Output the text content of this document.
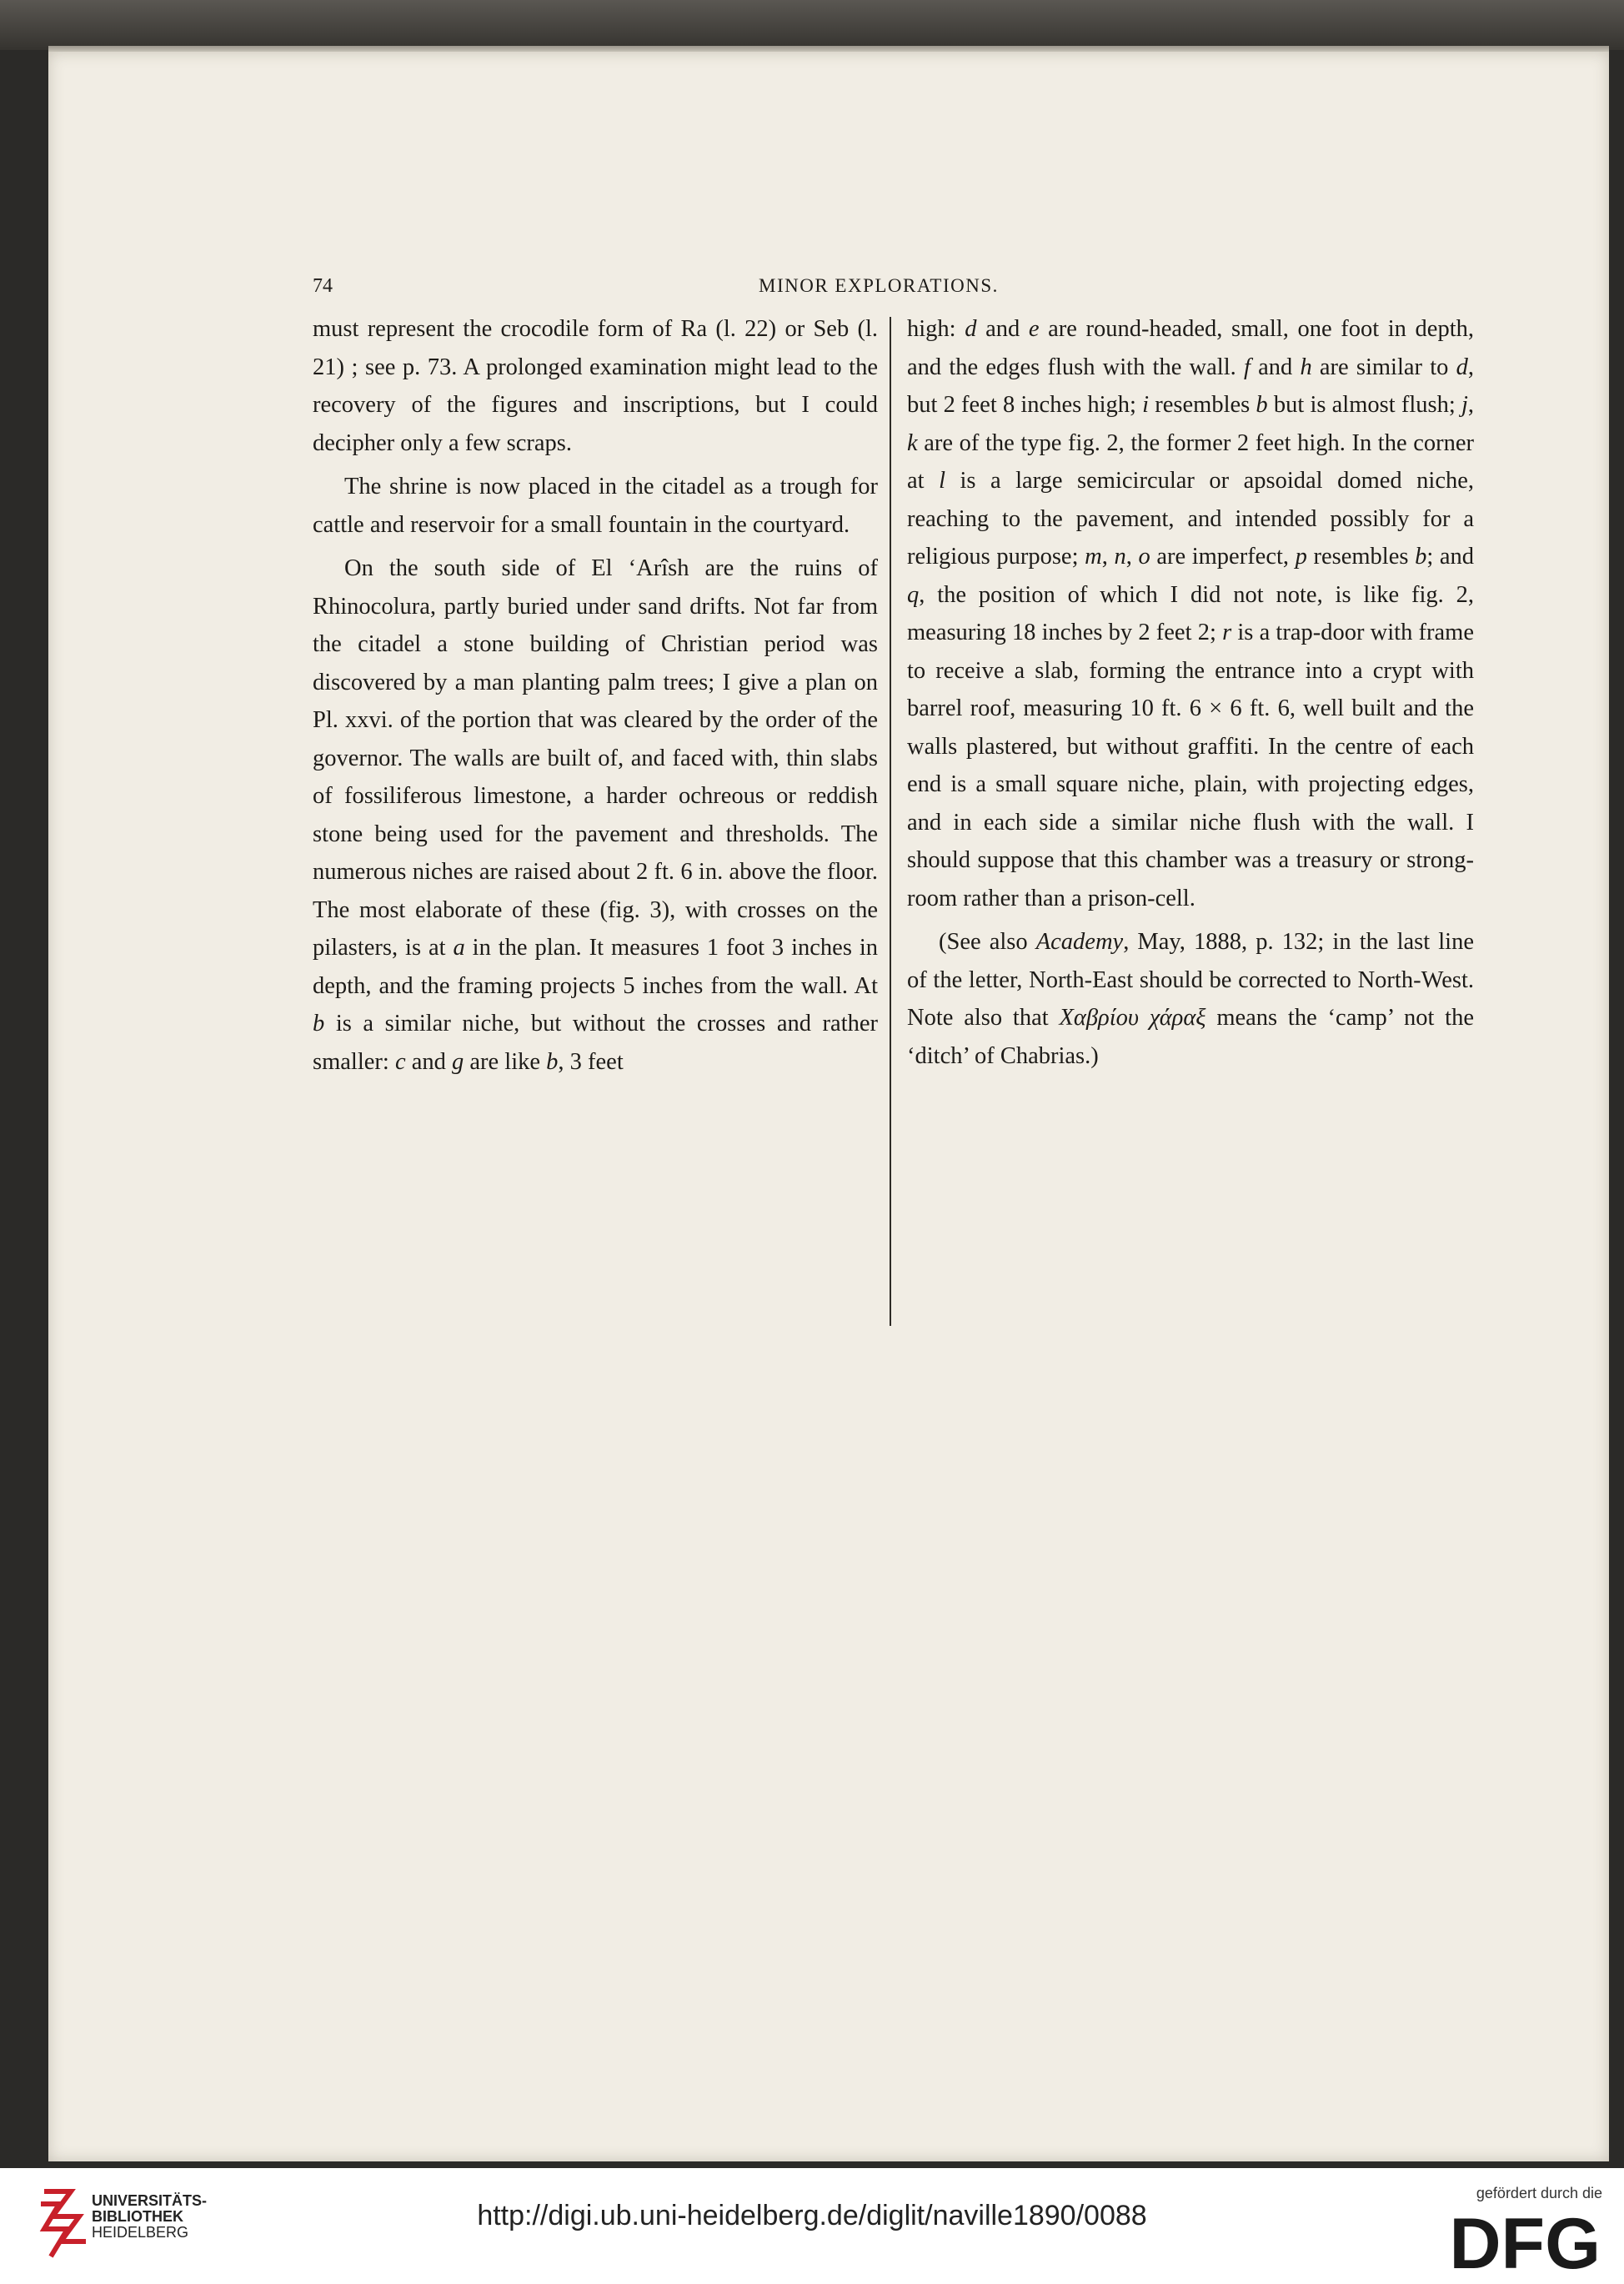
74	MINOR EXPLORATIONS.

must represent the crocodile form of Ra (l. 22) or Seb (l. 21) ; see p. 73. A prolonged examination might lead to the recovery of the figures and inscriptions, but I could decipher only a few scraps.

The shrine is now placed in the citadel as a trough for cattle and reservoir for a small fountain in the courtyard.

On the south side of El ‘Arîsh are the ruins of Rhinocolura, partly buried under sand drifts. Not far from the citadel a stone building of Christian period was discovered by a man planting palm trees; I give a plan on Pl. xxvi. of the portion that was cleared by the order of the governor. The walls are built of, and faced with, thin slabs of fossiliferous limestone, a harder ochreous or reddish stone being used for the pavement and thresholds. The numerous niches are raised about 2 ft. 6 in. above the floor. The most elaborate of these (fig. 3), with crosses on the pilasters, is at a in the plan. It measures 1 foot 3 inches in depth, and the framing projects 5 inches from the wall. At b is a similar niche, but without the crosses and rather smaller: c and g are like b, 3 feet

high: d and e are round-headed, small, one foot in depth, and the edges flush with the wall. f and h are similar to d, but 2 feet 8 inches high; i resembles b but is almost flush; j, k are of the type fig. 2, the former 2 feet high. In the corner at l is a large semicircular or apsoidal domed niche, reaching to the pavement, and intended possibly for a religious purpose; m, n, o are imperfect, p resembles b; and q, the position of which I did not note, is like fig. 2, measuring 18 inches by 2 feet 2; r is a trap-door with frame to receive a slab, forming the entrance into a crypt with barrel roof, measuring 10 ft. 6 × 6 ft. 6, well built and the walls plastered, but without graffiti. In the centre of each end is a small square niche, plain, with projecting edges, and in each side a similar niche flush with the wall. I should suppose that this chamber was a treasury or strong-room rather than a prison-cell.

(See also Academy, May, 1888, p. 132; in the last line of the letter, North-East should be corrected to North-West. Note also that Χαβρίου χάραξ means the ‘camp’ not the ‘ditch’ of Chabrias.)

UNIVERSITÄTS-
BIBLIOTHEK
HEIDELBERG
http://digi.ub.uni-heidelberg.de/diglit/naville1890/0088
gefördert durch die
DFG
